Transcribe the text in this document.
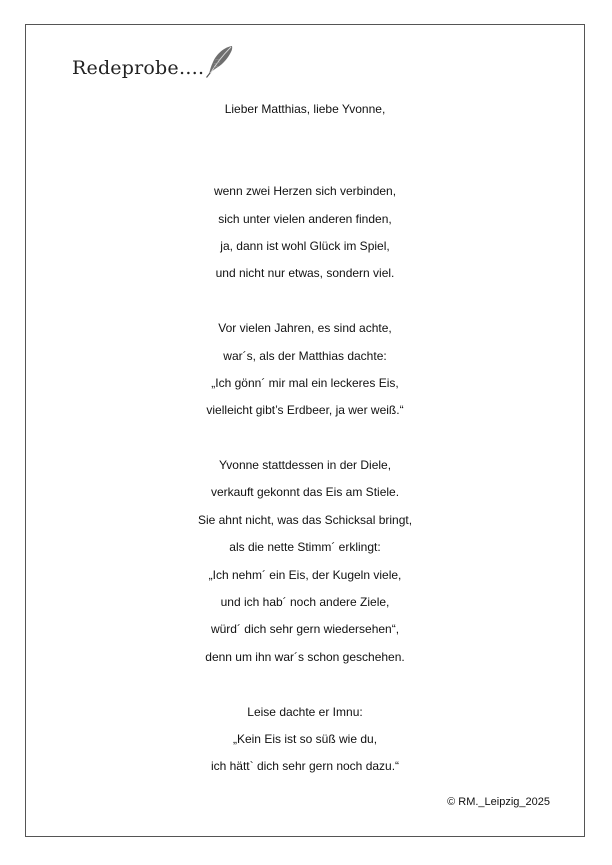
Redeprobe….
Lieber Matthias, liebe Yvonne,
wenn zwei Herzen sich verbinden,
sich unter vielen anderen finden,
ja, dann ist wohl Glück im Spiel,
und nicht nur etwas, sondern viel.
Vor vielen Jahren, es sind achte,
war´s, als der Matthias dachte:
„Ich gönn´ mir mal ein leckeres Eis,
vielleicht gibt’s Erdbeer, ja wer weiß.“
Yvonne stattdessen in der Diele,
verkauft gekonnt das Eis am Stiele.
Sie ahnt nicht, was das Schicksal bringt,
als die nette Stimm´ erklingt:
„Ich nehm´ ein Eis, der Kugeln viele,
und ich hab´ noch andere Ziele,
würd´ dich sehr gern wiedersehen“,
denn um ihn war´s schon geschehen.
Leise dachte er Imnu:
„Kein Eis ist so süß wie du,
ich hätt` dich sehr gern noch dazu.“
© RM._Leipzig_2025
